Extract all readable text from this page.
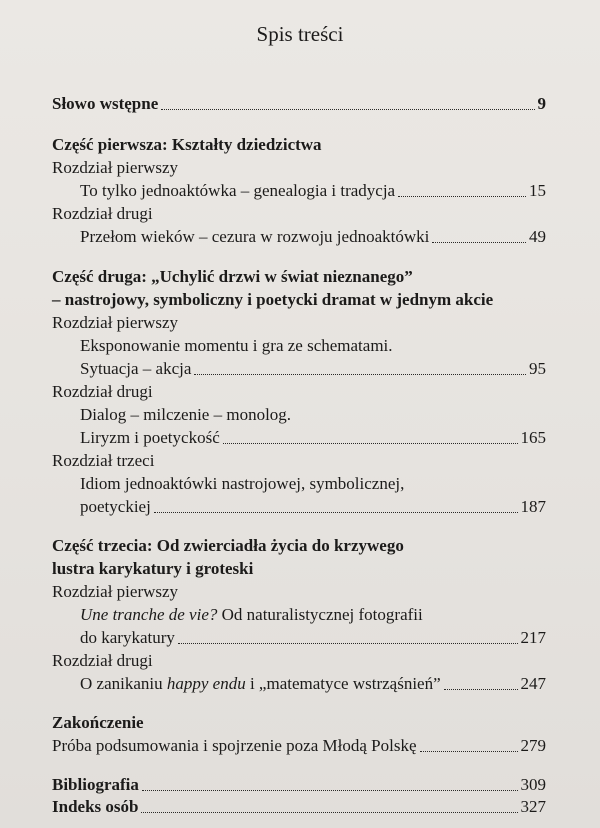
Spis treści
Słowo wstępne	9
Część pierwsza: Kształty dziedzictwa
Rozdział pierwszy
To tylko jednoaktówka – genealogia i tradycja	15
Rozdział drugi
Przełom wieków – cezura w rozwoju jednoaktówki	49
Część druga: „Uchylić drzwi w świat nieznanego”
– nastrojowy, symboliczny i poetycki dramat w jednym akcie
Rozdział pierwszy
Eksponowanie momentu i gra ze schematami.
Sytuacja – akcja	95
Rozdział drugi
Dialog – milczenie – monolog.
Liryzm i poetyckość	165
Rozdział trzeci
Idiom jednoaktówki nastrojowej, symbolicznej,
poetyckiej	187
Część trzecia: Od zwierciadła życia do krzywego
lustra karykatury i groteski
Rozdział pierwszy
Une tranche de vie? Od naturalistycznej fotografii
do karykatury	217
Rozdział drugi
O zanikaniu happy endu i „matematyce wstrząśnień”	247
Zakończenie
Próba podsumowania i spojrzenie poza Młodą Polskę	279
Bibliografia	309
Indeks osób	327
